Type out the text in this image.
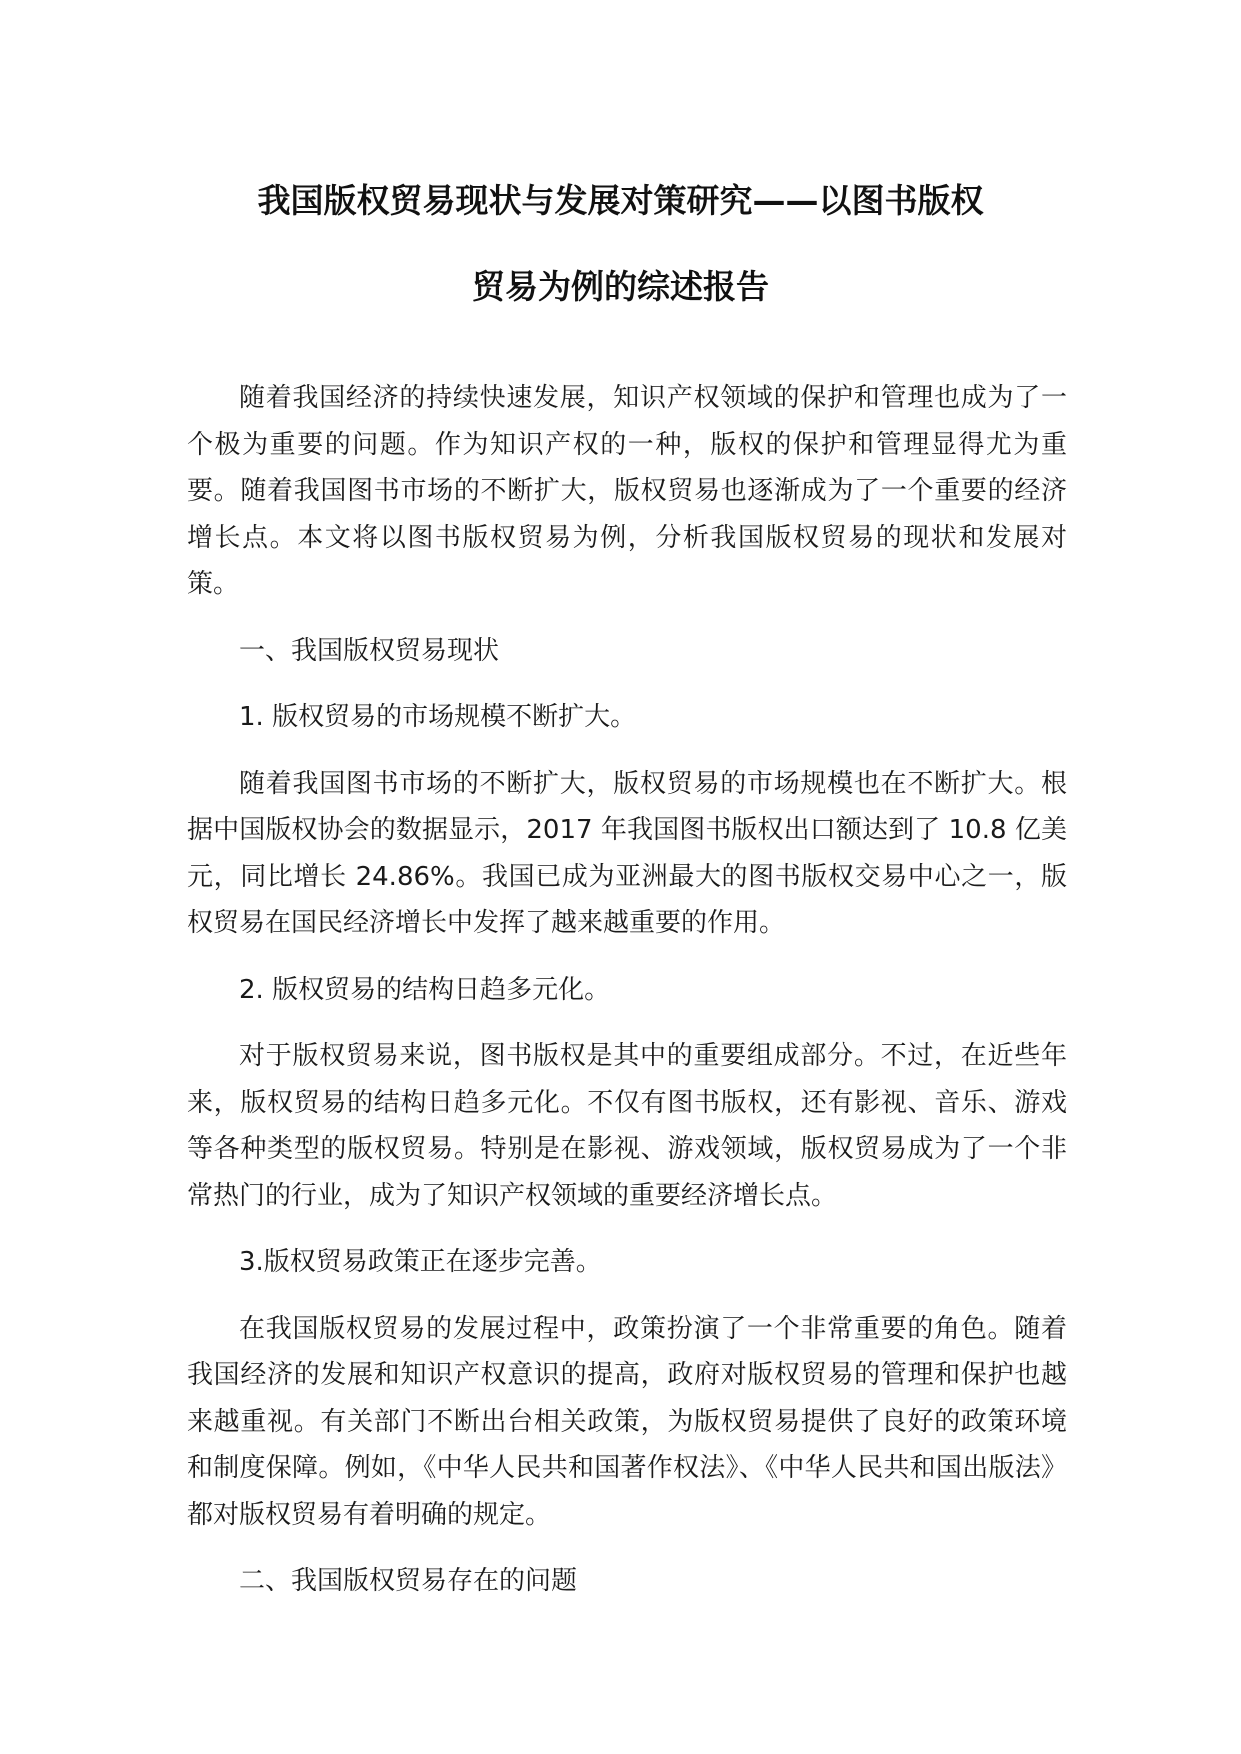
我国版权贸易现状与发展对策研究——以图书版权
贸易为例的综述报告

随着我国经济的持续快速发展，知识产权领域的保护和管理也成为了一个极为重要的问题。作为知识产权的一种，版权的保护和管理显得尤为重要。随着我国图书市场的不断扩大，版权贸易也逐渐成为了一个重要的经济增长点。本文将以图书版权贸易为例，分析我国版权贸易的现状和发展对策。

一、我国版权贸易现状

1. 版权贸易的市场规模不断扩大。

随着我国图书市场的不断扩大，版权贸易的市场规模也在不断扩大。根据中国版权协会的数据显示，2017 年我国图书版权出口额达到了 10.8 亿美元，同比增长 24.86%。我国已成为亚洲最大的图书版权交易中心之一，版权贸易在国民经济增长中发挥了越来越重要的作用。

2. 版权贸易的结构日趋多元化。

对于版权贸易来说，图书版权是其中的重要组成部分。不过，在近些年来，版权贸易的结构日趋多元化。不仅有图书版权，还有影视、音乐、游戏等各种类型的版权贸易。特别是在影视、游戏领域，版权贸易成为了一个非常热门的行业，成为了知识产权领域的重要经济增长点。

3.版权贸易政策正在逐步完善。

在我国版权贸易的发展过程中，政策扮演了一个非常重要的角色。随着我国经济的发展和知识产权意识的提高，政府对版权贸易的管理和保护也越来越重视。有关部门不断出台相关政策，为版权贸易提供了良好的政策环境和制度保障。例如，《中华人民共和国著作权法》、《中华人民共和国出版法》都对版权贸易有着明确的规定。

二、我国版权贸易存在的问题
